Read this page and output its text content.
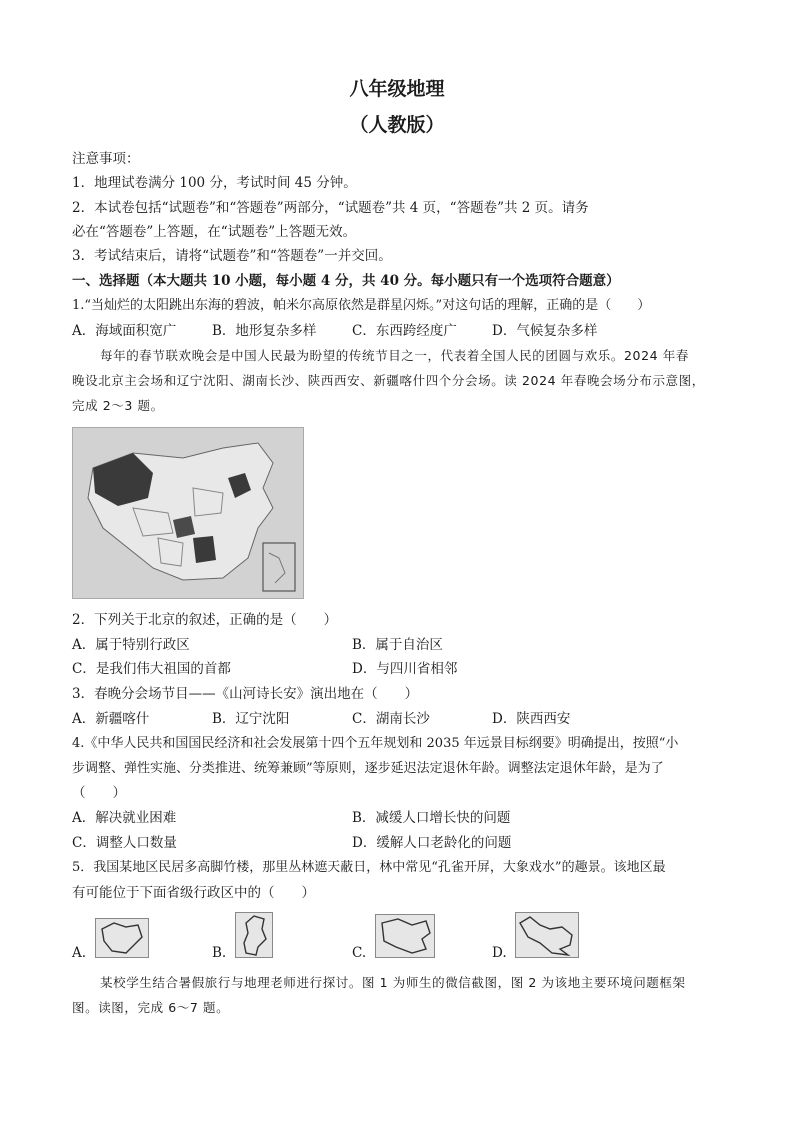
八年级地理
（人教版）
注意事项：
1．地理试卷满分 100 分，考试时间 45 分钟。
2．本试卷包括“试题卷”和“答题卷”两部分，“试题卷”共 4 页，“答题卷”共 2 页。请务
必在“答题卷”上答题，在“试题卷”上答题无效。
3．考试结束后，请将“试题卷”和“答题卷”一并交回。
一、选择题（本大题共 10 小题，每小题 4 分，共 40 分。每小题只有一个选项符合题意）
1.“当灿烂的太阳跳出东海的碧波，帕米尔高原依然是群星闪烁。”对这句话的理解，正确的是（　　）
A．海域面积宽广	B．地形复杂多样	C．东西跨经度广	D．气候复杂多样
每年的春节联欢晚会是中国人民最为盼望的传统节目之一，代表着全国人民的团圆与欢乐。2024 年春
晚设北京主会场和辽宁沈阳、湖南长沙、陕西西安、新疆喀什四个分会场。读 2024 年春晚会场分布示意图，
完成 2～3 题。
2．下列关于北京的叙述，正确的是（　　）
A．属于特别行政区	B．属于自治区
C．是我们伟大祖国的首都	D．与四川省相邻
3．春晚分会场节目——《山河诗长安》演出地在（　　）
A．新疆喀什	B．辽宁沈阳	C．湖南长沙	D．陕西西安
4.《中华人民共和国国民经济和社会发展第十四个五年规划和 2035 年远景目标纲要》明确提出，按照“小
步调整、弹性实施、分类推进、统筹兼顾”等原则，逐步延迟法定退休年龄。调整法定退休年龄，是为了
（　　）
A．解决就业困难	B．减缓人口增长快的问题
C．调整人口数量	D．缓解人口老龄化的问题
5．我国某地区民居多高脚竹楼，那里丛林遮天蔽日，林中常见“孔雀开屏，大象戏水”的趣景。该地区最
有可能位于下面省级行政区中的（　　）
A.	B.	C.	D.
某校学生结合暑假旅行与地理老师进行探讨。图 1 为师生的微信截图，图 2 为该地主要环境问题框架
图。读图，完成 6～7 题。
